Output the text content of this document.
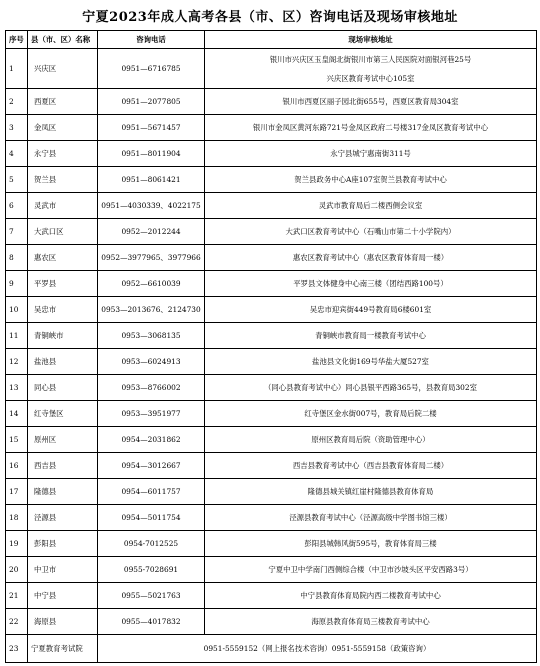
宁夏2023年成人高考各县（市、区）咨询电话及现场审核地址
序号	县（市、区）名称	咨询电话	现场审核地址
1	兴庆区	0951—6716785	银川市兴庆区玉皇阁北街银川市第三人民医院对面银河巷25号
兴庆区教育考试中心105室

2	西夏区	0951—2077805	银川市西夏区丽子园北街655号，西夏区教育局304室

3	金凤区	0951—5671457	银川市金凤区黄河东路721号金凤区政府二号楼317金凤区教育考试中心

4	永宁县	0951—8011904	永宁县城宁惠南街311号

5	贺兰县	0951—8061421	贺兰县政务中心A座107室贺兰县教育考试中心

6	灵武市	0951—4030339、4022175	灵武市教育局后二楼西侧会议室

7	大武口区	0952—2012244	大武口区教育考试中心（石嘴山市第二十小学院内）

8	惠农区	0952—3977965、3977966	惠农区教育考试中心（惠农区教育体育局一楼）

9	平罗县	0952—6610039	平罗县文体健身中心南三楼（团结西路100号）

10	吴忠市	0953—2013676、2124730	吴忠市迎宾街449号教育局6楼601室

11	青铜峡市	0953—3068135	青铜峡市教育局一楼教育考试中心

12	盐池县	0953—6024913	盐池县文化街169号华盐大厦527室

13	同心县	0953—8766002	（同心县教育考试中心）同心县银平西路365号，县教育局302室

14	红寺堡区	0953—3951977	红寺堡区金水街007号，教育局后院二楼

15	原州区	0954—2031862	原州区教育局后院（资助管理中心）

16	西吉县	0954—3012667	西吉县教育考试中心（西吉县教育体育局二楼）

17	隆德县	0954—6011757	隆德县城关镇红崖村隆德县教育体育局

18	泾源县	0954—5011754	泾源县教育考试中心（泾源高级中学图书馆三楼）

19	彭阳县	0954-7012525	彭阳县城韩风街595号，教育体育局三楼

20	中卫市	0955-7028691	宁夏中卫中学南门西侧综合楼（中卫市沙坡头区平安西路3号）

21	中宁县	0955—5021763	中宁县教育体育局院内西二楼教育考试中心

22	海原县	0955—4017832	海原县教育体育局三楼教育考试中心

23	宁夏教育考试院	0951-5559152（网上报名技术咨询）0951-5559158（政策咨询）	
